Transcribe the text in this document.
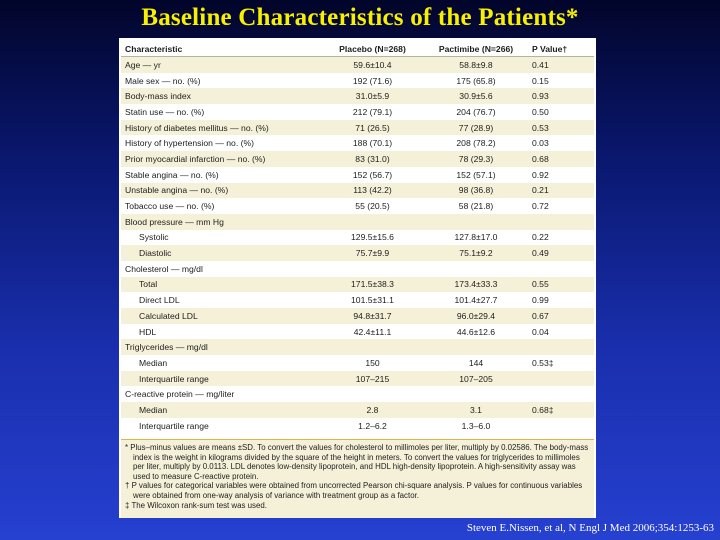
Baseline Characteristics of the Patients*
Characteristic	Placebo (N=268)	Pactimibe (N=266)	P Value†
Age — yr	59.6±10.4	58.8±9.8	0.41
Male sex — no. (%)	192 (71.6)	175 (65.8)	0.15
Body-mass index	31.0±5.9	30.9±5.6	0.93
Statin use — no. (%)	212 (79.1)	204 (76.7)	0.50
History of diabetes mellitus — no. (%)	71 (26.5)	77 (28.9)	0.53
History of hypertension — no. (%)	188 (70.1)	208 (78.2)	0.03
Prior myocardial infarction — no. (%)	83 (31.0)	78 (29.3)	0.68
Stable angina — no. (%)	152 (56.7)	152 (57.1)	0.92
Unstable angina — no. (%)	113 (42.2)	98 (36.8)	0.21
Tobacco use — no. (%)	55 (20.5)	58 (21.8)	0.72
Blood pressure — mm Hg			
Systolic	129.5±15.6	127.8±17.0	0.22
Diastolic	75.7±9.9	75.1±9.2	0.49
Cholesterol — mg/dl			
Total	171.5±38.3	173.4±33.3	0.55
Direct LDL	101.5±31.1	101.4±27.7	0.99
Calculated LDL	94.8±31.7	96.0±29.4	0.67
HDL	42.4±11.1	44.6±12.6	0.04
Triglycerides — mg/dl			
Median	150	144	0.53‡
Interquartile range	107–215	107–205	
C-reactive protein — mg/liter			
Median	2.8	3.1	0.68‡
Interquartile range	1.2–6.2	1.3–6.0	

* Plus–minus values are means ±SD. To convert the values for cholesterol to millimoles per liter, multiply by 0.02586. The body-mass index is the weight in kilograms divided by the square of the height in meters. To convert the values for triglycerides to millimoles per liter, multiply by 0.0113. LDL denotes low-density lipoprotein, and HDL high-density lipoprotein. A high-sensitivity assay was used to measure C-reactive protein.

† P values for categorical variables were obtained from uncorrected Pearson chi-square analysis. P values for continuous variables were obtained from one-way analysis of variance with treatment group as a factor.

‡ The Wilcoxon rank-sum test was used.

Steven E.Nissen, et al, N Engl J Med 2006;354:1253-63
